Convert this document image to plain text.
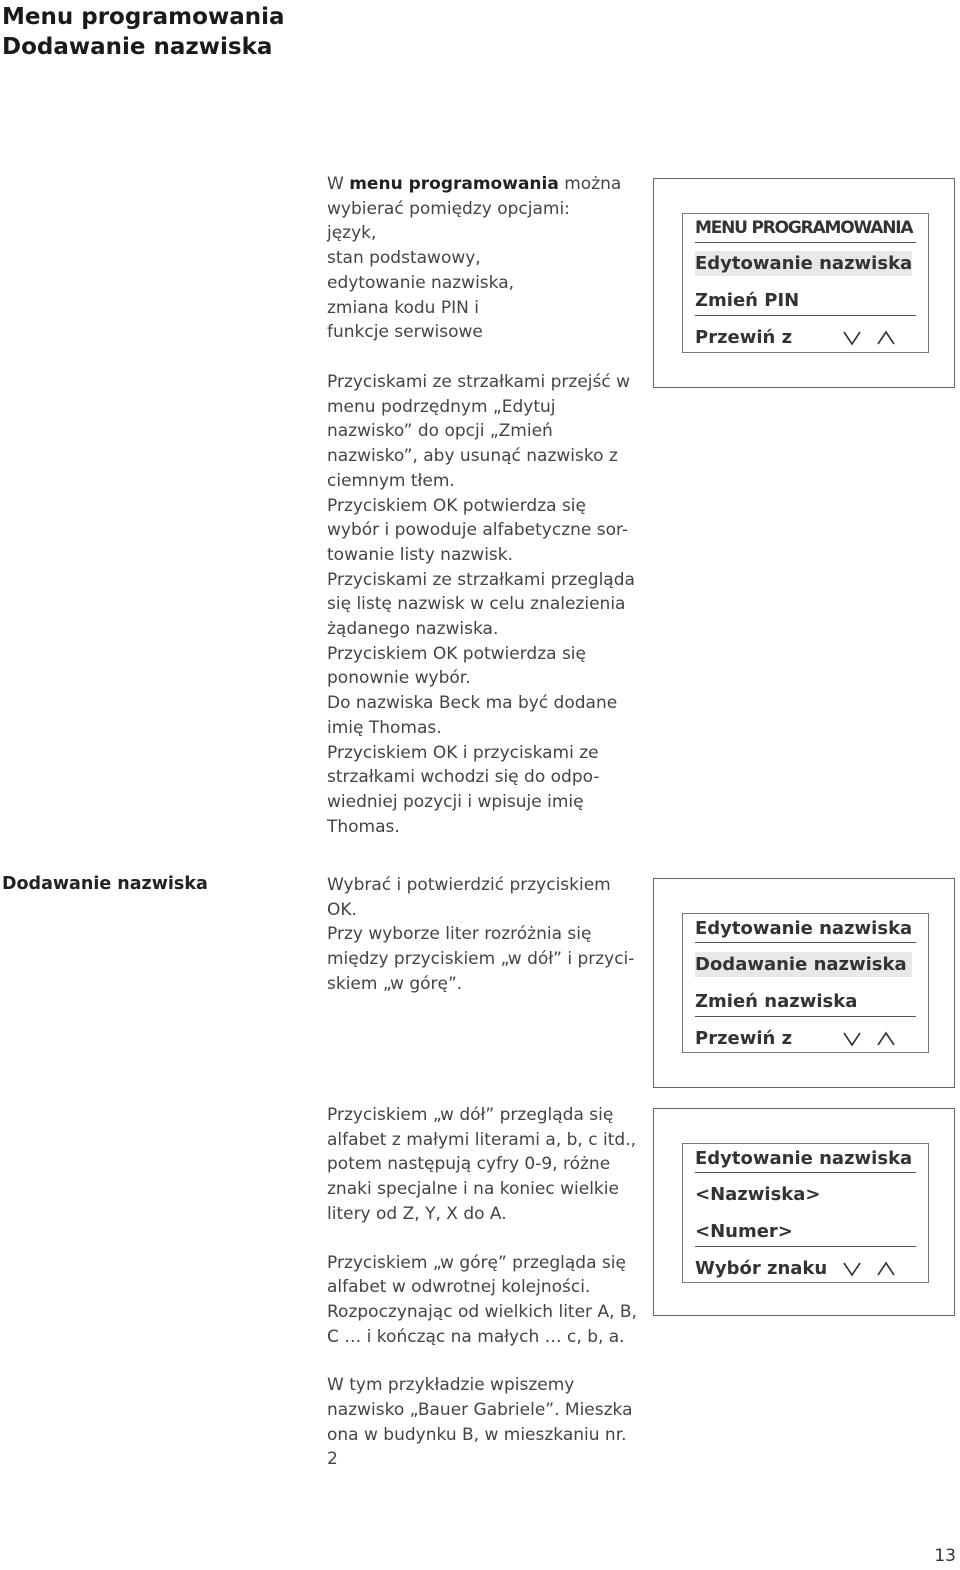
Menu programowania
Dodawanie nazwiska
W menu programowania można wybierać pomiędzy opcjami:
język,
stan podstawowy,
edytowanie nazwiska,
zmiana kodu PIN i
funkcje serwisowe
Przyciskami ze strzałkami przejść w menu podrzędnym „Edytuj nazwisko” do opcji „Zmień nazwisko”, aby usunąć nazwisko z ciemnym tłem.
Przyciskiem OK potwierdza się wybór i powoduje alfabetyczne sor-towanie listy nazwisk.
Przyciskami ze strzałkami przegląda się listę nazwisk w celu znalezienia żądanego nazwiska.
Przyciskiem OK potwierdza się ponownie wybór.
Do nazwiska Beck ma być dodane imię Thomas.
Przyciskiem OK i przyciskami ze strzałkami wchodzi się do odpo-wiedniej pozycji i wpisuje imię Thomas.
Dodawanie nazwiska	Wybrać i potwierdzić przyciskiem OK.
Przy wyborze liter rozróżnia się między przyciskiem „w dół” i przyci-skiem „w górę”.
Przyciskiem „w dół” przegląda się alfabet z małymi literami a, b, c itd., potem następują cyfry 0-9, różne znaki specjalne i na koniec wielkie litery od Z, Y, X do A.
Przyciskiem „w górę” przegląda się alfabet w odwrotnej kolejności. Rozpoczynając od wielkich liter A, B, C … i kończąc na małych … c, b, a.
W tym przykładzie wpiszemy nazwisko „Bauer Gabriele”. Mieszka ona w budynku B, w mieszkaniu nr. 2
MENU PROGRAMOWANIA
Edytowanie nazwiska
Zmień PIN
Przewiń z
Edytowanie nazwiska
Dodawanie nazwiska
Zmień nazwiska
Przewiń z
Edytowanie nazwiska
<Nazwiska>
<Numer>
Wybór znaku
13
